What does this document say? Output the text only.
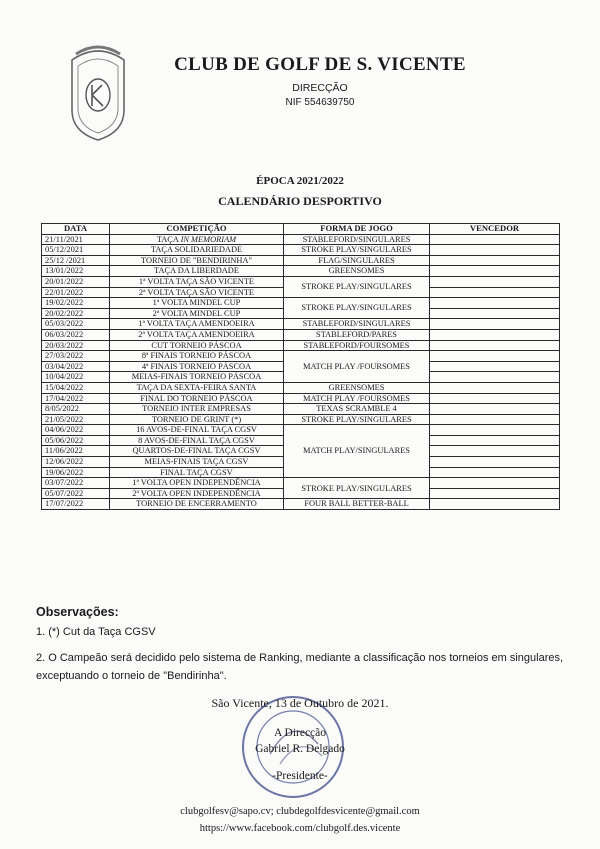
CLUB DE GOLF DE S. VICENTE
DIRECÇÃO
NIF 554639750
ÉPOCA 2021/2022
CALENDÁRIO DESPORTIVO
DATA	COMPETIÇÃO	FORMA DE JOGO	VENCEDOR
21/11/2021	TAÇA IN MEMORIAM	STABLEFORD/SINGULARES	
05/12/2021	TAÇA SOLIDARIEDADE	STROKE PLAY/SINGULARES	
25/12 /2021	TORNEIO DE "BENDIRINHA"	FLAG/SINGULARES	
13/01/2022	TAÇA DA LIBERDADE	GREENSOMES	
20/01/2022	1ª VOLTA TAÇA SÃO VICENTE	STROKE PLAY/SINGULARES	
22/01/2022	2ª VOLTA TAÇA SÃO VICENTE		
19/02/2022	1ª VOLTA MINDEL CUP	STROKE PLAY/SINGULARES	
20/02/2022	2ª VOLTA MINDEL CUP		
05/03/2022	1ª VOLTA TAÇA AMENDOEIRA	STABLEFORD/SINGULARES	
06/03/2022	2ª VOLTA TAÇA AMENDOEIRA	STABLEFORD/PARES	
20/03/2022	CUT TORNEIO PÁSCOA	STABLEFORD/FOURSOMES	
27/03/2022	8ª FINAIS TORNEIO PÁSCOA	MATCH PLAY /FOURSOMES	
03/04/2022	4ª FINAIS TORNEIO PÁSCOA		
10/04/2022	MEIAS-FINAIS TORNEIO PÁSCOA		
15/04/2022	TAÇA DA SEXTA-FEIRA SANTA	GREENSOMES	
17/04/2022	FINAL DO TORNEIO PÁSCOA	MATCH PLAY /FOURSOMES	
8/05/2022	TORNEIO INTER EMPRESAS	TEXAS SCRAMBLE 4	
21/05/2022	TORNEIO DE GRINT (*)	STROKE PLAY/SINGULARES	
04/06/2022	16 AVOS-DE-FINAL TAÇA CGSV	MATCH PLAY/SINGULARES	
05/06/2022	8 AVOS-DE-FINAL TAÇA CGSV		
11/06/2022	QUARTOS-DE-FINAL TAÇA CGSV		
12/06/2022	MEIAS-FINAIS TAÇA CGSV		
19/06/2022	FINAL TAÇA CGSV		
03/07/2022	1ª VOLTA OPEN INDEPENDÊNCIA	STROKE PLAY/SINGULARES	
05/07/2022	2ª VOLTA OPEN INDEPENDÊNCIA		
17/07/2022	TORNEIO DE ENCERRAMENTO	FOUR BALL BETTER-BALL	
Observações:
1. (*) Cut da Taça CGSV
2. O Campeão será decidido pelo sistema de Ranking, mediante a classificação nos torneios em singulares, exceptuando o torneio de "Bendirinha".
São Vicente, 13 de Outubro de 2021.
A Direcção
Gabriel R. Delgado
-Presidente-
clubgolfesv@sapo.cv; clubdegolfdesvicente@gmail.com
https://www.facebook.com/clubgolf.des.vicente
